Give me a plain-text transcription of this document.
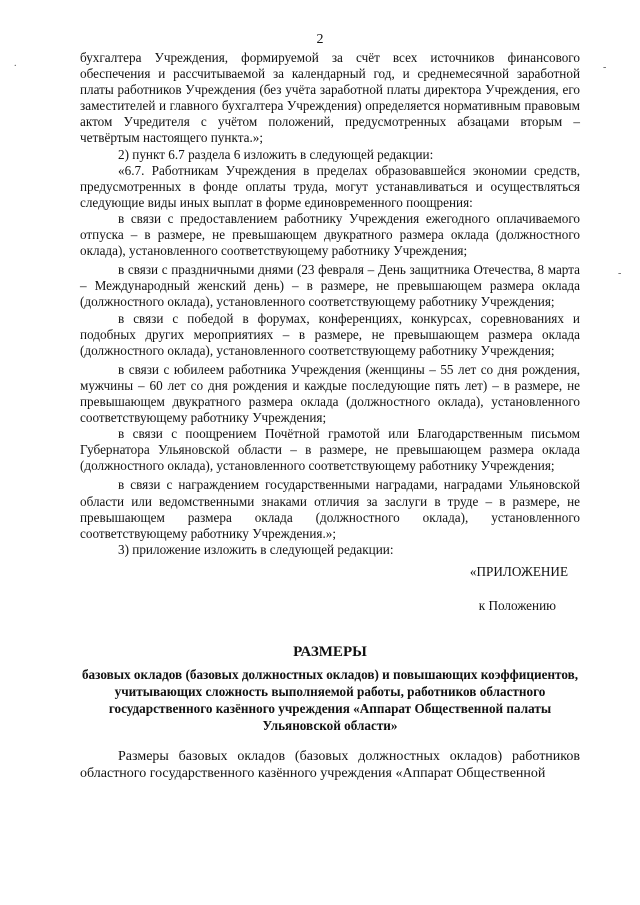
2
.	-
-

бухгалтера Учреждения, формируемой за счёт всех источников финансового обеспечения и рассчитываемой за календарный год, и среднемесячной заработной платы работников Учреждения (без учёта заработной платы директора Учреждения, его заместителей и главного бухгалтера Учреждения) определяется нормативным правовым актом Учредителя с учётом положений, предусмотренных абзацами вторым – четвёртым настоящего пункта.»;

2) пункт 6.7 раздела 6 изложить в следующей редакции:

«6.7. Работникам Учреждения в пределах образовавшейся экономии средств, предусмотренных в фонде оплаты труда, могут устанавливаться и осуществляться следующие виды иных выплат в форме единовременного поощрения:

в связи с предоставлением работнику Учреждения ежегодного оплачиваемого отпуска – в размере, не превышающем двукратного размера оклада (должностного оклада), установленного соответствующему работнику Учреждения;

в связи с праздничными днями (23 февраля – День защитника Отечества, 8 марта – Международный женский день) – в размере, не превышающем размера оклада (должностного оклада), установленного соответствующему работнику Учреждения;

в связи с победой в форумах, конференциях, конкурсах, соревнованиях и подобных других мероприятиях – в размере, не превышающем размера оклада (должностного оклада), установленного соответствующему работнику Учреждения;

в связи с юбилеем работника Учреждения (женщины – 55 лет со дня рождения, мужчины – 60 лет со дня рождения и каждые последующие пять лет) – в размере, не превышающем двукратного размера оклада (должностного оклада), установленного соответствующему работнику Учреждения;

в связи с поощрением Почётной грамотой или Благодарственным письмом Губернатора Ульяновской области – в размере, не превышающем размера оклада (должностного оклада), установленного соответствующему работнику Учреждения;

в связи с награждением государственными наградами, наградами Ульяновской области или ведомственными знаками отличия за заслуги в труде – в размере, не превышающем размера оклада (должностного оклада), установленного соответствующему работнику Учреждения.»;

3) приложение изложить в следующей редакции:

«ПРИЛОЖЕНИЕ

к Положению

РАЗМЕРЫ

базовых окладов (базовых должностных окладов) и повышающих коэффициентов, учитывающих сложность выполняемой работы, работников областного государственного казённого учреждения «Аппарат Общественной палаты Ульяновской области»

Размеры базовых окладов (базовых должностных окладов) работников областного государственного казённого учреждения «Аппарат Общественной
